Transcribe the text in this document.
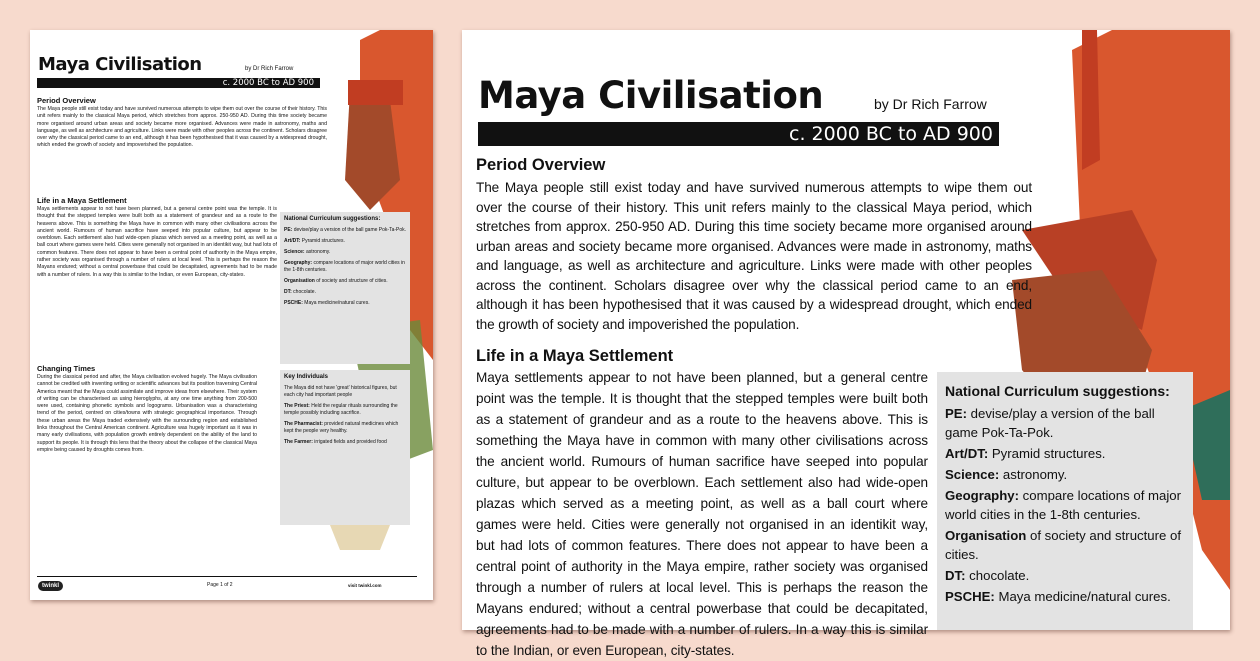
Maya Civilisation	by Dr Rich Farrow
c. 2000 BC to AD 900
Period Overview
The Maya people still exist today and have survived numerous attempts to wipe them out over the course of their history. This unit refers mainly to the classical Maya period, which stretches from approx. 250-950 AD. During this time society became more organised around urban areas and society became more organised. Advances were made in astronomy, maths and language, as well as architecture and agriculture. Links were made with other peoples across the continent. Scholars disagree over why the classical period came to an end, although it has been hypothesised that it was caused by a widespread drought, which ended the growth of society and impoverished the population.
Life in a Maya Settlement
Maya settlements appear to not have been planned, but a general centre point was the temple. It is thought that the stepped temples were built both as a statement of grandeur and as a route to the heavens above. This is something the Maya have in common with many other civilisations across the ancient world. Rumours of human sacrifice have seeped into popular culture, but appear to be overblown. Each settlement also had wide-open plazas which served as a meeting point, as well as a ball court where games were held. Cities were generally not organised in an identikit way, but had lots of common features. There does not appear to have been a central point of authority in the Maya empire, rather society was organised through a number of rulers at local level. This is perhaps the reason the Mayans endured; without a central powerbase that could be decapitated, agreements had to be made with a number of rulers. In a way this is similar to the Indian, or even European, city-states.
National Curriculum suggestions:
PE: devise/play a version of the ball game Pok-Ta-Pok.
Art/DT: Pyramid structures.
Science: astronomy.
Geography: compare locations of major world cities in the 1-8th centuries.
Organisation of society and structure of cities.
DT: chocolate.
PSCHE: Maya medicine/natural cures.
Changing Times
During the classical period and after, the Maya civilisation evolved hugely. The Maya civilisation cannot be credited with inventing writing or scientific advances but its position traversing Central America meant that the Maya could assimilate and improve ideas from elsewhere. Their system of writing can be characterised as using hieroglyphs, at any one time anything from 200-500 were used, containing phonetic symbols and logograms. Urbanisation was a characterising trend of the period, centred on cities/towns with strategic geographical importance. Through these urban areas the Maya traded extensively with the surrounding region and established links throughout the Central American continent. Agriculture was hugely important as it was in many early civilisations, with population growth entirely dependent on the ability of the land to support its people. It is through this lens that the theory about the collapse of the classical Maya empire being caused by droughts comes from.
Key Individuals
The Maya did not have 'great' historical figures, but each city had important people
The Priest: Held the regular rituals surrounding the temple possibly including sacrifice.
The Pharmacist: provided natural medicines which kept the people very healthy.
The Farmer: irrigated fields and provided food
twinkl	Page 1 of 2	visit twinkl.com
Maya Civilisation	by Dr Rich Farrow
c. 2000 BC to AD 900
Period Overview
The Maya people still exist today and have survived numerous attempts to wipe them out over the course of their history. This unit refers mainly to the classical Maya period, which stretches from approx. 250-950 AD. During this time society became more organised around urban areas and society became more organised. Advances were made in astronomy, maths and language, as well as architecture and agriculture. Links were made with other peoples across the continent. Scholars disagree over why the classical period came to an end, although it has been hypothesised that it was caused by a widespread drought, which ended the growth of society and impoverished the population.
Life in a Maya Settlement
Maya settlements appear to not have been planned, but a general centre point was the temple. It is thought that the stepped temples were built both as a statement of grandeur and as a route to the heavens above. This is something the Maya have in common with many other civilisations across the ancient world. Rumours of human sacrifice have seeped into popular culture, but appear to be overblown. Each settlement also had wide-open plazas which served as a meeting point, as well as a ball court where games were held. Cities were generally not organised in an identikit way, but had lots of common features. There does not appear to have been a central point of authority in the Maya empire, rather society was organised through a number of rulers at local level. This is perhaps the reason the Mayans endured; without a central powerbase that could be decapitated, agreements had to be made with a number of rulers. In a way this is similar to the Indian, or even European, city-states.
National Curriculum suggestions:
PE: devise/play a version of the ball game Pok-Ta-Pok.
Art/DT: Pyramid structures.
Science: astronomy.
Geography: compare locations of major world cities in the 1-8th centuries.
Organisation of society and structure of cities.
DT: chocolate.
PSCHE: Maya medicine/natural cures.
